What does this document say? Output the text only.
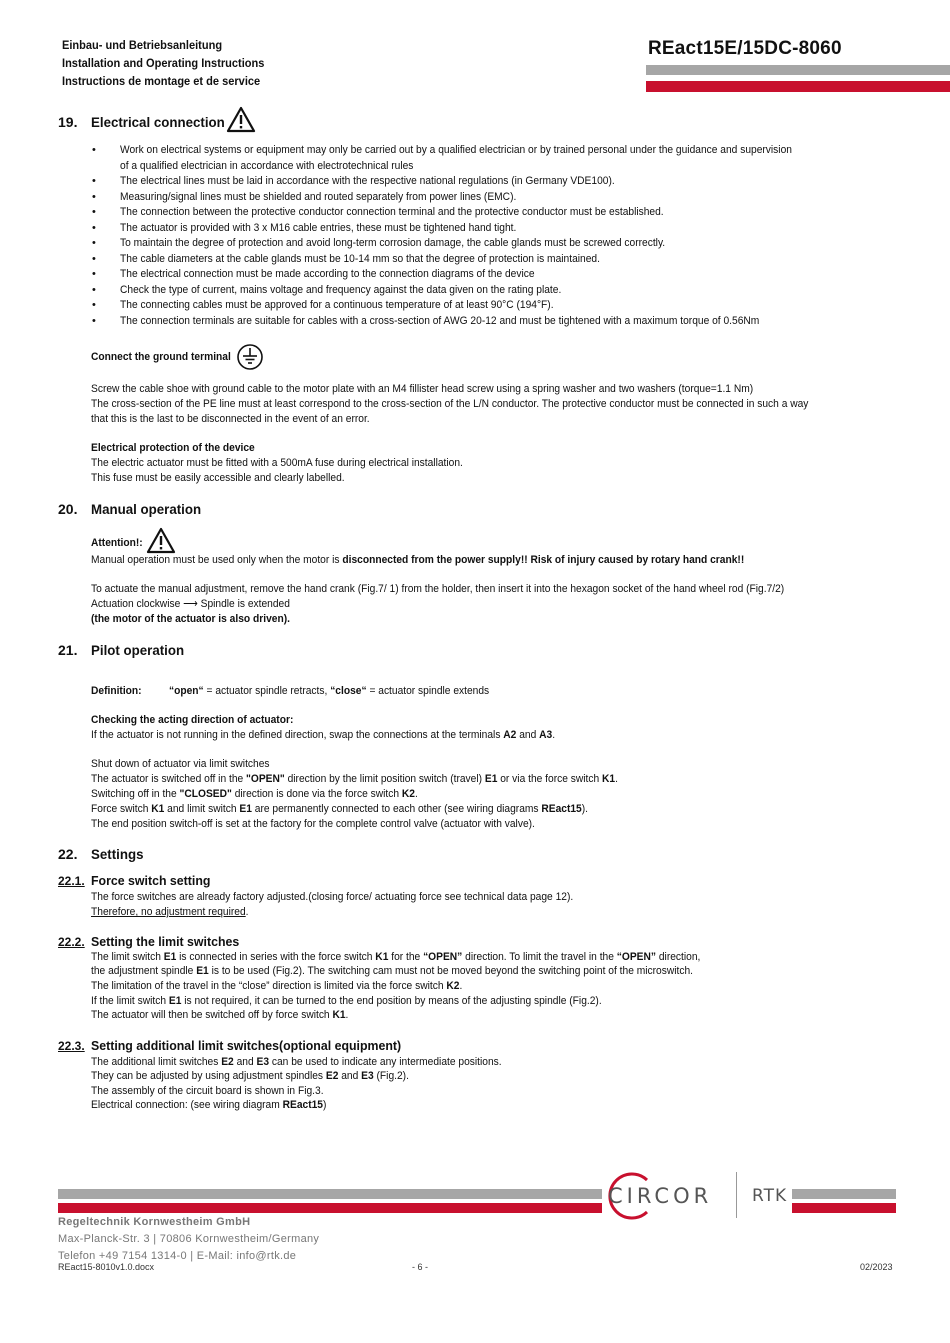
Einbau- und Betriebsanleitung
Installation and Operating Instructions
Instructions de montage et de service
REact15E/15DC-8060
19. Electrical connection
• Work on electrical systems or equipment may only be carried out by a qualified electrician or by trained personal under the guidance and supervision
of a qualified electrician in accordance with electrotechnical rules
• The electrical lines must be laid in accordance with the respective national regulations (in Germany VDE100).
• Measuring/signal lines must be shielded and routed separately from power lines (EMC).
• The connection between the protective conductor connection terminal and the protective conductor must be established.
• The actuator is provided with 3 x M16 cable entries, these must be tightened hand tight.
• To maintain the degree of protection and avoid long-term corrosion damage, the cable glands must be screwed correctly.
• The cable diameters at the cable glands must be 10-14 mm so that the degree of protection is maintained.
• The electrical connection must be made according to the connection diagrams of the device
• Check the type of current, mains voltage and frequency against the data given on the rating plate.
• The connecting cables must be approved for a continuous temperature of at least 90°C (194°F).
• The connection terminals are suitable for cables with a cross-section of AWG 20-12 and must be tightened with a maximum torque of 0.56Nm
Connect the ground terminal
Screw the cable shoe with ground cable to the motor plate with an M4 fillister head screw using a spring washer and two washers (torque=1.1 Nm)
The cross-section of the PE line must at least correspond to the cross-section of the L/N conductor. The protective conductor must be connected in such a way
that this is the last to be disconnected in the event of an error.
Electrical protection of the device
The electric actuator must be fitted with a 500mA fuse during electrical installation.
This fuse must be easily accessible and clearly labelled.
20. Manual operation
Attention!:
Manual operation must be used only when the motor is disconnected from the power supply!! Risk of injury caused by rotary hand crank!!
To actuate the manual adjustment, remove the hand crank (Fig.7/ 1) from the holder, then insert it into the hexagon socket of the hand wheel rod (Fig.7/2)
Actuation clockwise ⟶ Spindle is extended
(the motor of the actuator is also driven).
21. Pilot operation
Definition: “open“ = actuator spindle retracts, “close“ = actuator spindle extends
Checking the acting direction of actuator:
If the actuator is not running in the defined direction, swap the connections at the terminals A2 and A3.
Shut down of actuator via limit switches
The actuator is switched off in the "OPEN" direction by the limit position switch (travel) E1 or via the force switch K1.
Switching off in the "CLOSED" direction is done via the force switch K2.
Force switch K1 and limit switch E1 are permanently connected to each other (see wiring diagrams REact15).
The end position switch-off is set at the factory for the complete control valve (actuator with valve).
22. Settings
22.1. Force switch setting
The force switches are already factory adjusted.(closing force/ actuating force see technical data page 12).
Therefore, no adjustment required.
22.2. Setting the limit switches
The limit switch E1 is connected in series with the force switch K1 for the “OPEN” direction. To limit the travel in the “OPEN” direction,
the adjustment spindle E1 is to be used (Fig.2). The switching cam must not be moved beyond the switching point of the microswitch.
The limitation of the travel in the “close” direction is limited via the force switch K2.
If the limit switch E1 is not required, it can be turned to the end position by means of the adjusting spindle (Fig.2).
The actuator will then be switched off by force switch K1.
22.3. Setting additional limit switches(optional equipment)
The additional limit switches E2 and E3 can be used to indicate any intermediate positions.
They can be adjusted by using adjustment spindles E2 and E3 (Fig.2).
The assembly of the circuit board is shown in Fig.3.
Electrical connection: (see wiring diagram REact15)
CIRCOR RTK
Regeltechnik Kornwestheim GmbH
Max-Planck-Str. 3 | 70806 Kornwestheim/Germany
Telefon +49 7154 1314-0 | E-Mail: info@rtk.de
REact15-8010v1.0.docx	- 6 -	02/2023
